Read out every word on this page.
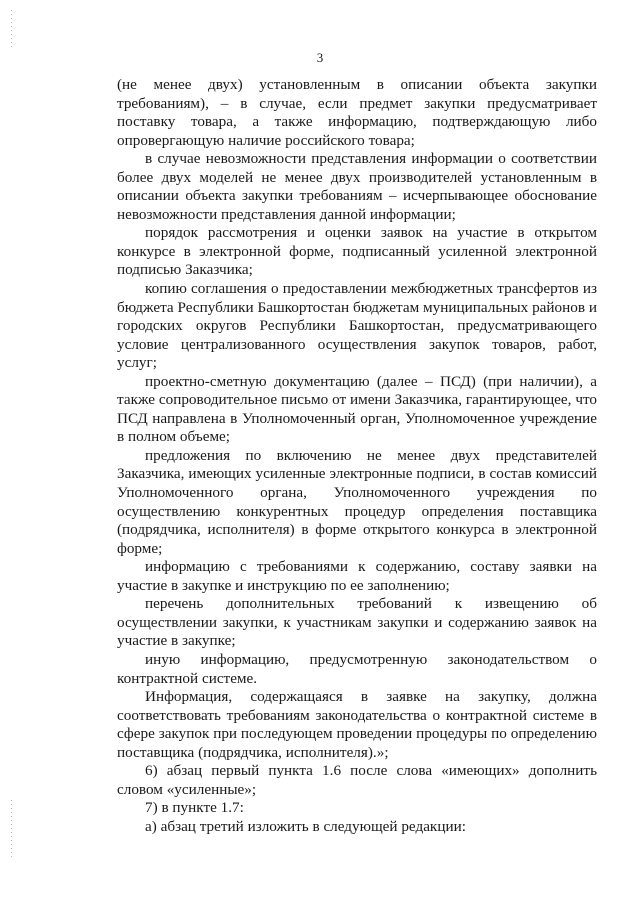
3

(не менее двух) установленным в описании объекта закупки требованиям), – в случае, если предмет закупки предусматривает поставку товара, а также информацию, подтверждающую либо опровергающую наличие российского товара;

в случае невозможности представления информации о соответствии более двух моделей не менее двух производителей установленным в описании объекта закупки требованиям – исчерпывающее обоснование невозможности представления данной информации;

порядок рассмотрения и оценки заявок на участие в открытом конкурсе в электронной форме, подписанный усиленной электронной подписью Заказчика;

копию соглашения о предоставлении межбюджетных трансфертов из бюджета Республики Башкортостан бюджетам муниципальных районов и городских округов Республики Башкортостан, предусматривающего условие централизованного осуществления закупок товаров, работ, услуг;

проектно-сметную документацию (далее – ПСД) (при наличии), а также сопроводительное письмо от имени Заказчика, гарантирующее, что ПСД направлена в Уполномоченный орган, Уполномоченное учреждение в полном объеме;

предложения по включению не менее двух представителей Заказчика, имеющих усиленные электронные подписи, в состав комиссий Уполномоченного органа, Уполномоченного учреждения по осуществлению конкурентных процедур определения поставщика (подрядчика, исполнителя) в форме открытого конкурса в электронной форме;

информацию с требованиями к содержанию, составу заявки на участие в закупке и инструкцию по ее заполнению;

перечень дополнительных требований к извещению об осуществлении закупки, к участникам закупки и содержанию заявок на участие в закупке;

иную информацию, предусмотренную законодательством о контрактной системе.

Информация, содержащаяся в заявке на закупку, должна соответствовать требованиям законодательства о контрактной системе в сфере закупок при последующем проведении процедуры по определению поставщика (подрядчика, исполнителя).»;

6) абзац первый пункта 1.6 после слова «имеющих» дополнить словом «усиленные»;

7) в пункте 1.7:

а) абзац третий изложить в следующей редакции:
